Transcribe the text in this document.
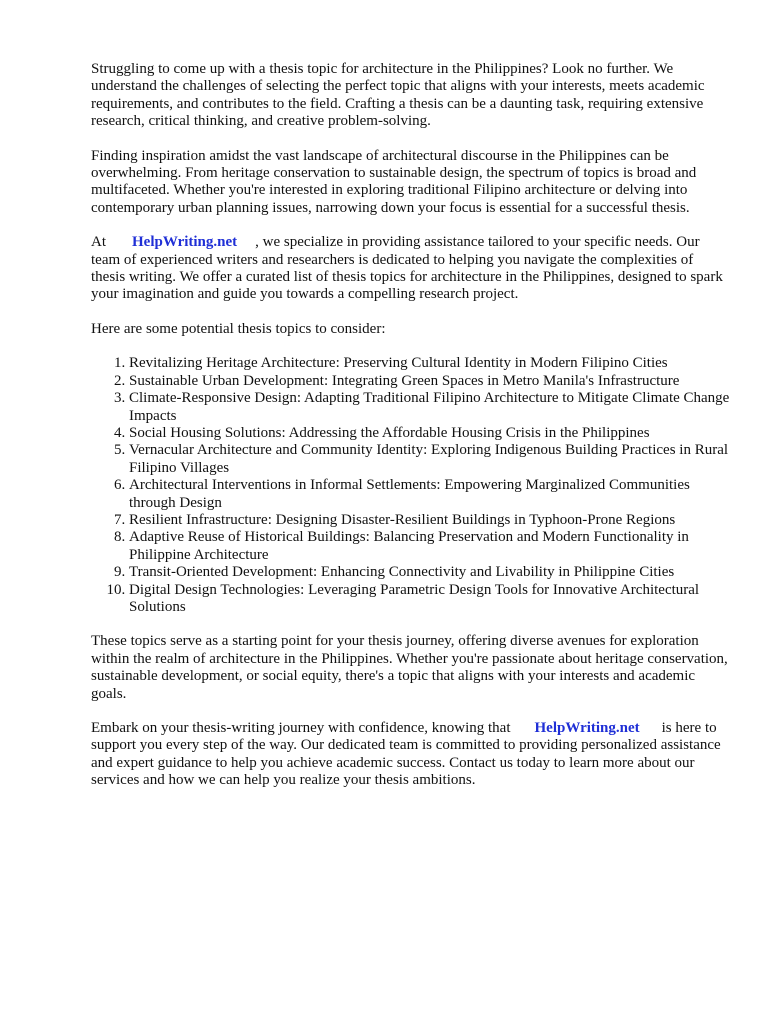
Struggling to come up with a thesis topic for architecture in the Philippines? Look no further. We understand the challenges of selecting the perfect topic that aligns with your interests, meets academic requirements, and contributes to the field. Crafting a thesis can be a daunting task, requiring extensive research, critical thinking, and creative problem-solving.

Finding inspiration amidst the vast landscape of architectural discourse in the Philippines can be overwhelming. From heritage conservation to sustainable design, the spectrum of topics is broad and multifaceted. Whether you're interested in exploring traditional Filipino architecture or delving into contemporary urban planning issues, narrowing down your focus is essential for a successful thesis.

At HelpWriting.net , we specialize in providing assistance tailored to your specific needs. Our team of experienced writers and researchers is dedicated to helping you navigate the complexities of thesis writing. We offer a curated list of thesis topics for architecture in the Philippines, designed to spark your imagination and guide you towards a compelling research project.

Here are some potential thesis topics to consider:

1. Revitalizing Heritage Architecture: Preserving Cultural Identity in Modern Filipino Cities
2. Sustainable Urban Development: Integrating Green Spaces in Metro Manila's Infrastructure
3. Climate-Responsive Design: Adapting Traditional Filipino Architecture to Mitigate Climate Change Impacts
4. Social Housing Solutions: Addressing the Affordable Housing Crisis in the Philippines
5. Vernacular Architecture and Community Identity: Exploring Indigenous Building Practices in Rural Filipino Villages
6. Architectural Interventions in Informal Settlements: Empowering Marginalized Communities through Design
7. Resilient Infrastructure: Designing Disaster-Resilient Buildings in Typhoon-Prone Regions
8. Adaptive Reuse of Historical Buildings: Balancing Preservation and Modern Functionality in Philippine Architecture
9. Transit-Oriented Development: Enhancing Connectivity and Livability in Philippine Cities
10. Digital Design Technologies: Leveraging Parametric Design Tools for Innovative Architectural Solutions

These topics serve as a starting point for your thesis journey, offering diverse avenues for exploration within the realm of architecture in the Philippines. Whether you're passionate about heritage conservation, sustainable development, or social equity, there's a topic that aligns with your interests and academic goals.

Embark on your thesis-writing journey with confidence, knowing that HelpWriting.net is here to support you every step of the way. Our dedicated team is committed to providing personalized assistance and expert guidance to help you achieve academic success. Contact us today to learn more about our services and how we can help you realize your thesis ambitions.
